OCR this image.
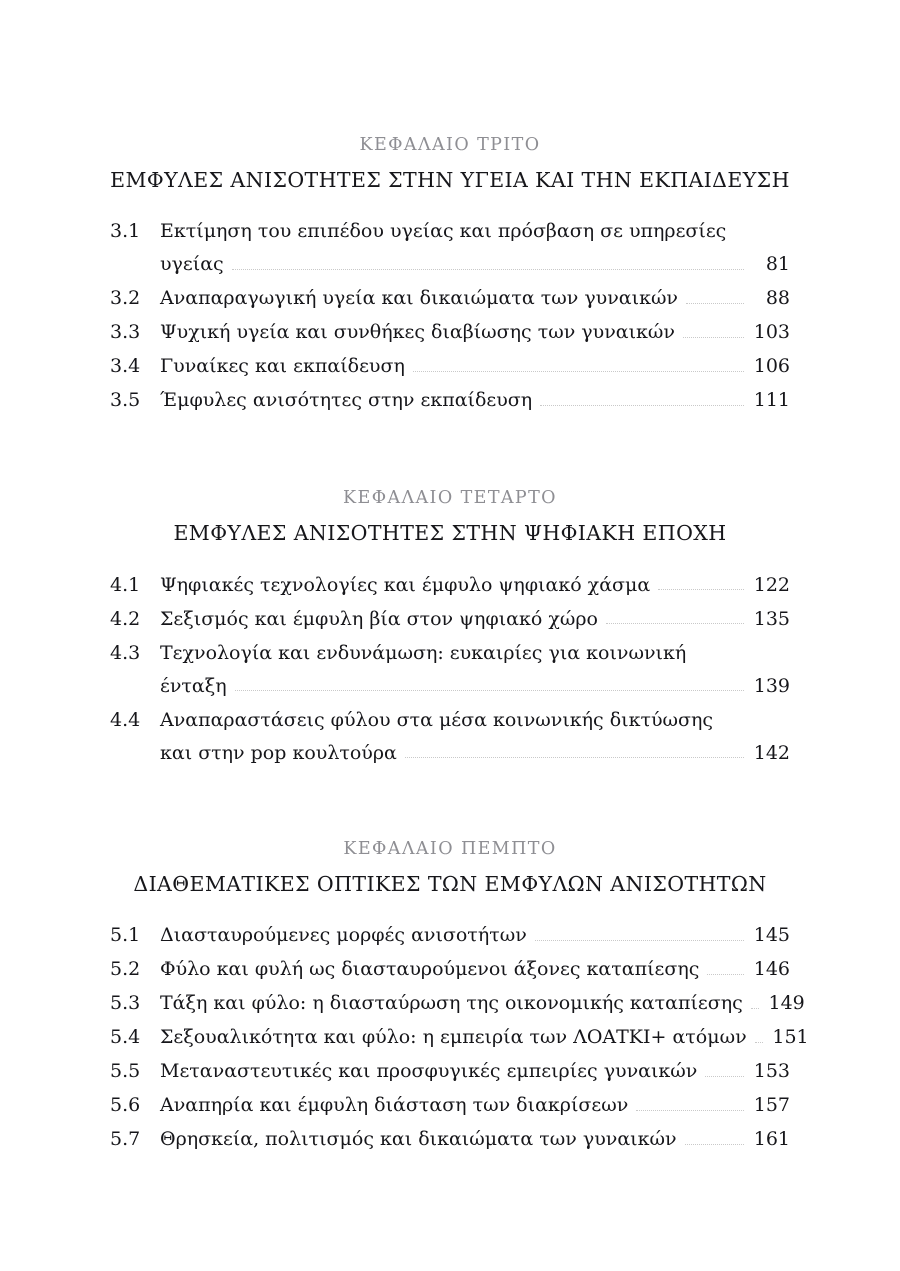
ΚΕΦΑΛΑΙΟ ΤΡΙΤΟ
ΕΜΦΥΛΕΣ ΑΝΙΣΟΤΗΤΕΣ ΣΤΗΝ ΥΓΕΙΑ ΚΑΙ ΤΗΝ ΕΚΠΑΙΔΕΥΣΗ
3.1	Εκτίμηση του επιπέδου υγείας και πρόσβαση σε υπηρεσίες
υγείας	81
3.2	Αναπαραγωγική υγεία και δικαιώματα των γυναικών	88
3.3	Ψυχική υγεία και συνθήκες διαβίωσης των γυναικών	103
3.4	Γυναίκες και εκπαίδευση	106
3.5	Έμφυλες ανισότητες στην εκπαίδευση	111
ΚΕΦΑΛΑΙΟ ΤΕΤΑΡΤΟ
ΕΜΦΥΛΕΣ ΑΝΙΣΟΤΗΤΕΣ ΣΤΗΝ ΨΗΦΙΑΚΗ ΕΠΟΧΗ
4.1	Ψηφιακές τεχνολογίες και έμφυλο ψηφιακό χάσμα	122
4.2	Σεξισμός και έμφυλη βία στον ψηφιακό χώρο	135
4.3	Τεχνολογία και ενδυνάμωση: ευκαιρίες για κοινωνική
ένταξη	139
4.4	Αναπαραστάσεις φύλου στα μέσα κοινωνικής δικτύωσης
και στην pop κουλτούρα	142
ΚΕΦΑΛΑΙΟ ΠΕΜΠΤΟ
ΔΙΑΘΕΜΑΤΙΚΕΣ ΟΠΤΙΚΕΣ ΤΩΝ ΕΜΦΥΛΩΝ ΑΝΙΣΟΤΗΤΩΝ
5.1	Διασταυρούμενες μορφές ανισοτήτων	145
5.2	Φύλο και φυλή ως διασταυρούμενοι άξονες καταπίεσης	146
5.3	Τάξη και φύλο: η διασταύρωση της οικονομικής καταπίεσης	149
5.4	Σεξουαλικότητα και φύλο: η εμπειρία των ΛΟΑΤΚΙ+ ατόμων	151
5.5	Μεταναστευτικές και προσφυγικές εμπειρίες γυναικών	153
5.6	Αναπηρία και έμφυλη διάσταση των διακρίσεων	157
5.7	Θρησκεία, πολιτισμός και δικαιώματα των γυναικών	161
